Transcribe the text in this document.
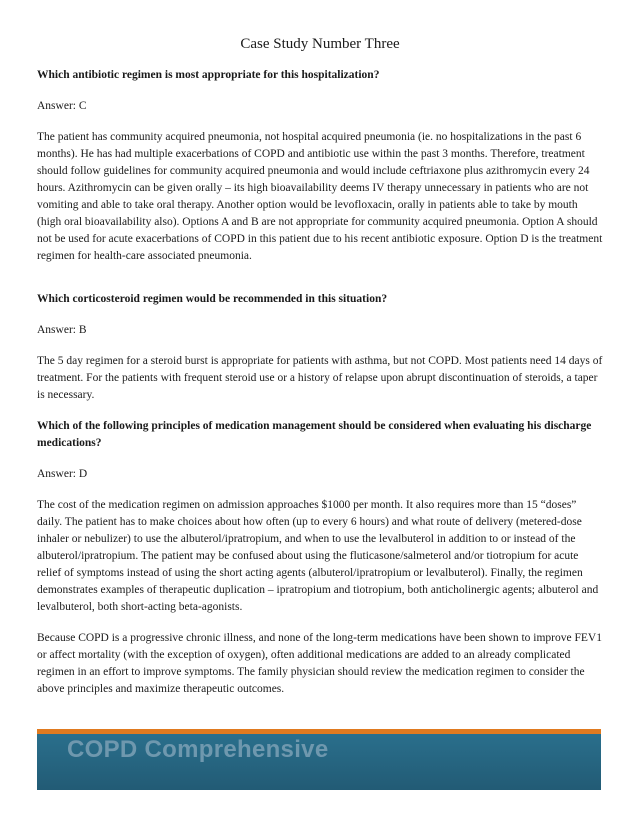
Case Study Number Three

Which antibiotic regimen is most appropriate for this hospitalization?

Answer: C

The patient has community acquired pneumonia, not hospital acquired pneumonia (ie. no hospitalizations in the past 6 months). He has had multiple exacerbations of COPD and antibiotic use within the past 3 months. Therefore, treatment should follow guidelines for community acquired pneumonia and would include ceftriaxone plus azithromycin every 24 hours. Azithromycin can be given orally – its high bioavailability deems IV therapy unnecessary in patients who are not vomiting and able to take oral therapy. Another option would be levofloxacin, orally in patients able to take by mouth (high oral bioavailability also). Options A and B are not appropriate for community acquired pneumonia. Option A should not be used for acute exacerbations of COPD in this patient due to his recent antibiotic exposure. Option D is the treatment regimen for health-care associated pneumonia.

Which corticosteroid regimen would be recommended in this situation?

Answer: B

The 5 day regimen for a steroid burst is appropriate for patients with asthma, but not COPD. Most patients need 14 days of treatment. For the patients with frequent steroid use or a history of relapse upon abrupt discontinuation of steroids, a taper is necessary.

Which of the following principles of medication management should be considered when evaluating his discharge medications?

Answer: D

The cost of the medication regimen on admission approaches $1000 per month. It also requires more than 15 “doses” daily. The patient has to make choices about how often (up to every 6 hours) and what route of delivery (metered-dose inhaler or nebulizer) to use the albuterol/ipratropium, and when to use the levalbuterol in addition to or instead of the albuterol/ipratropium. The patient may be confused about using the fluticasone/salmeterol and/or tiotropium for acute relief of symptoms instead of using the short acting agents (albuterol/ipratropium or levalbuterol). Finally, the regimen demonstrates examples of therapeutic duplication – ipratropium and tiotropium, both anticholinergic agents; albuterol and levalbuterol, both short-acting beta-agonists.

Because COPD is a progressive chronic illness, and none of the long-term medications have been shown to improve FEV1 or affect mortality (with the exception of oxygen), often additional medications are added to an already complicated regimen in an effort to improve symptoms. The family physician should review the medication regimen to consider the above principles and maximize therapeutic outcomes.

COPD Comprehensive
